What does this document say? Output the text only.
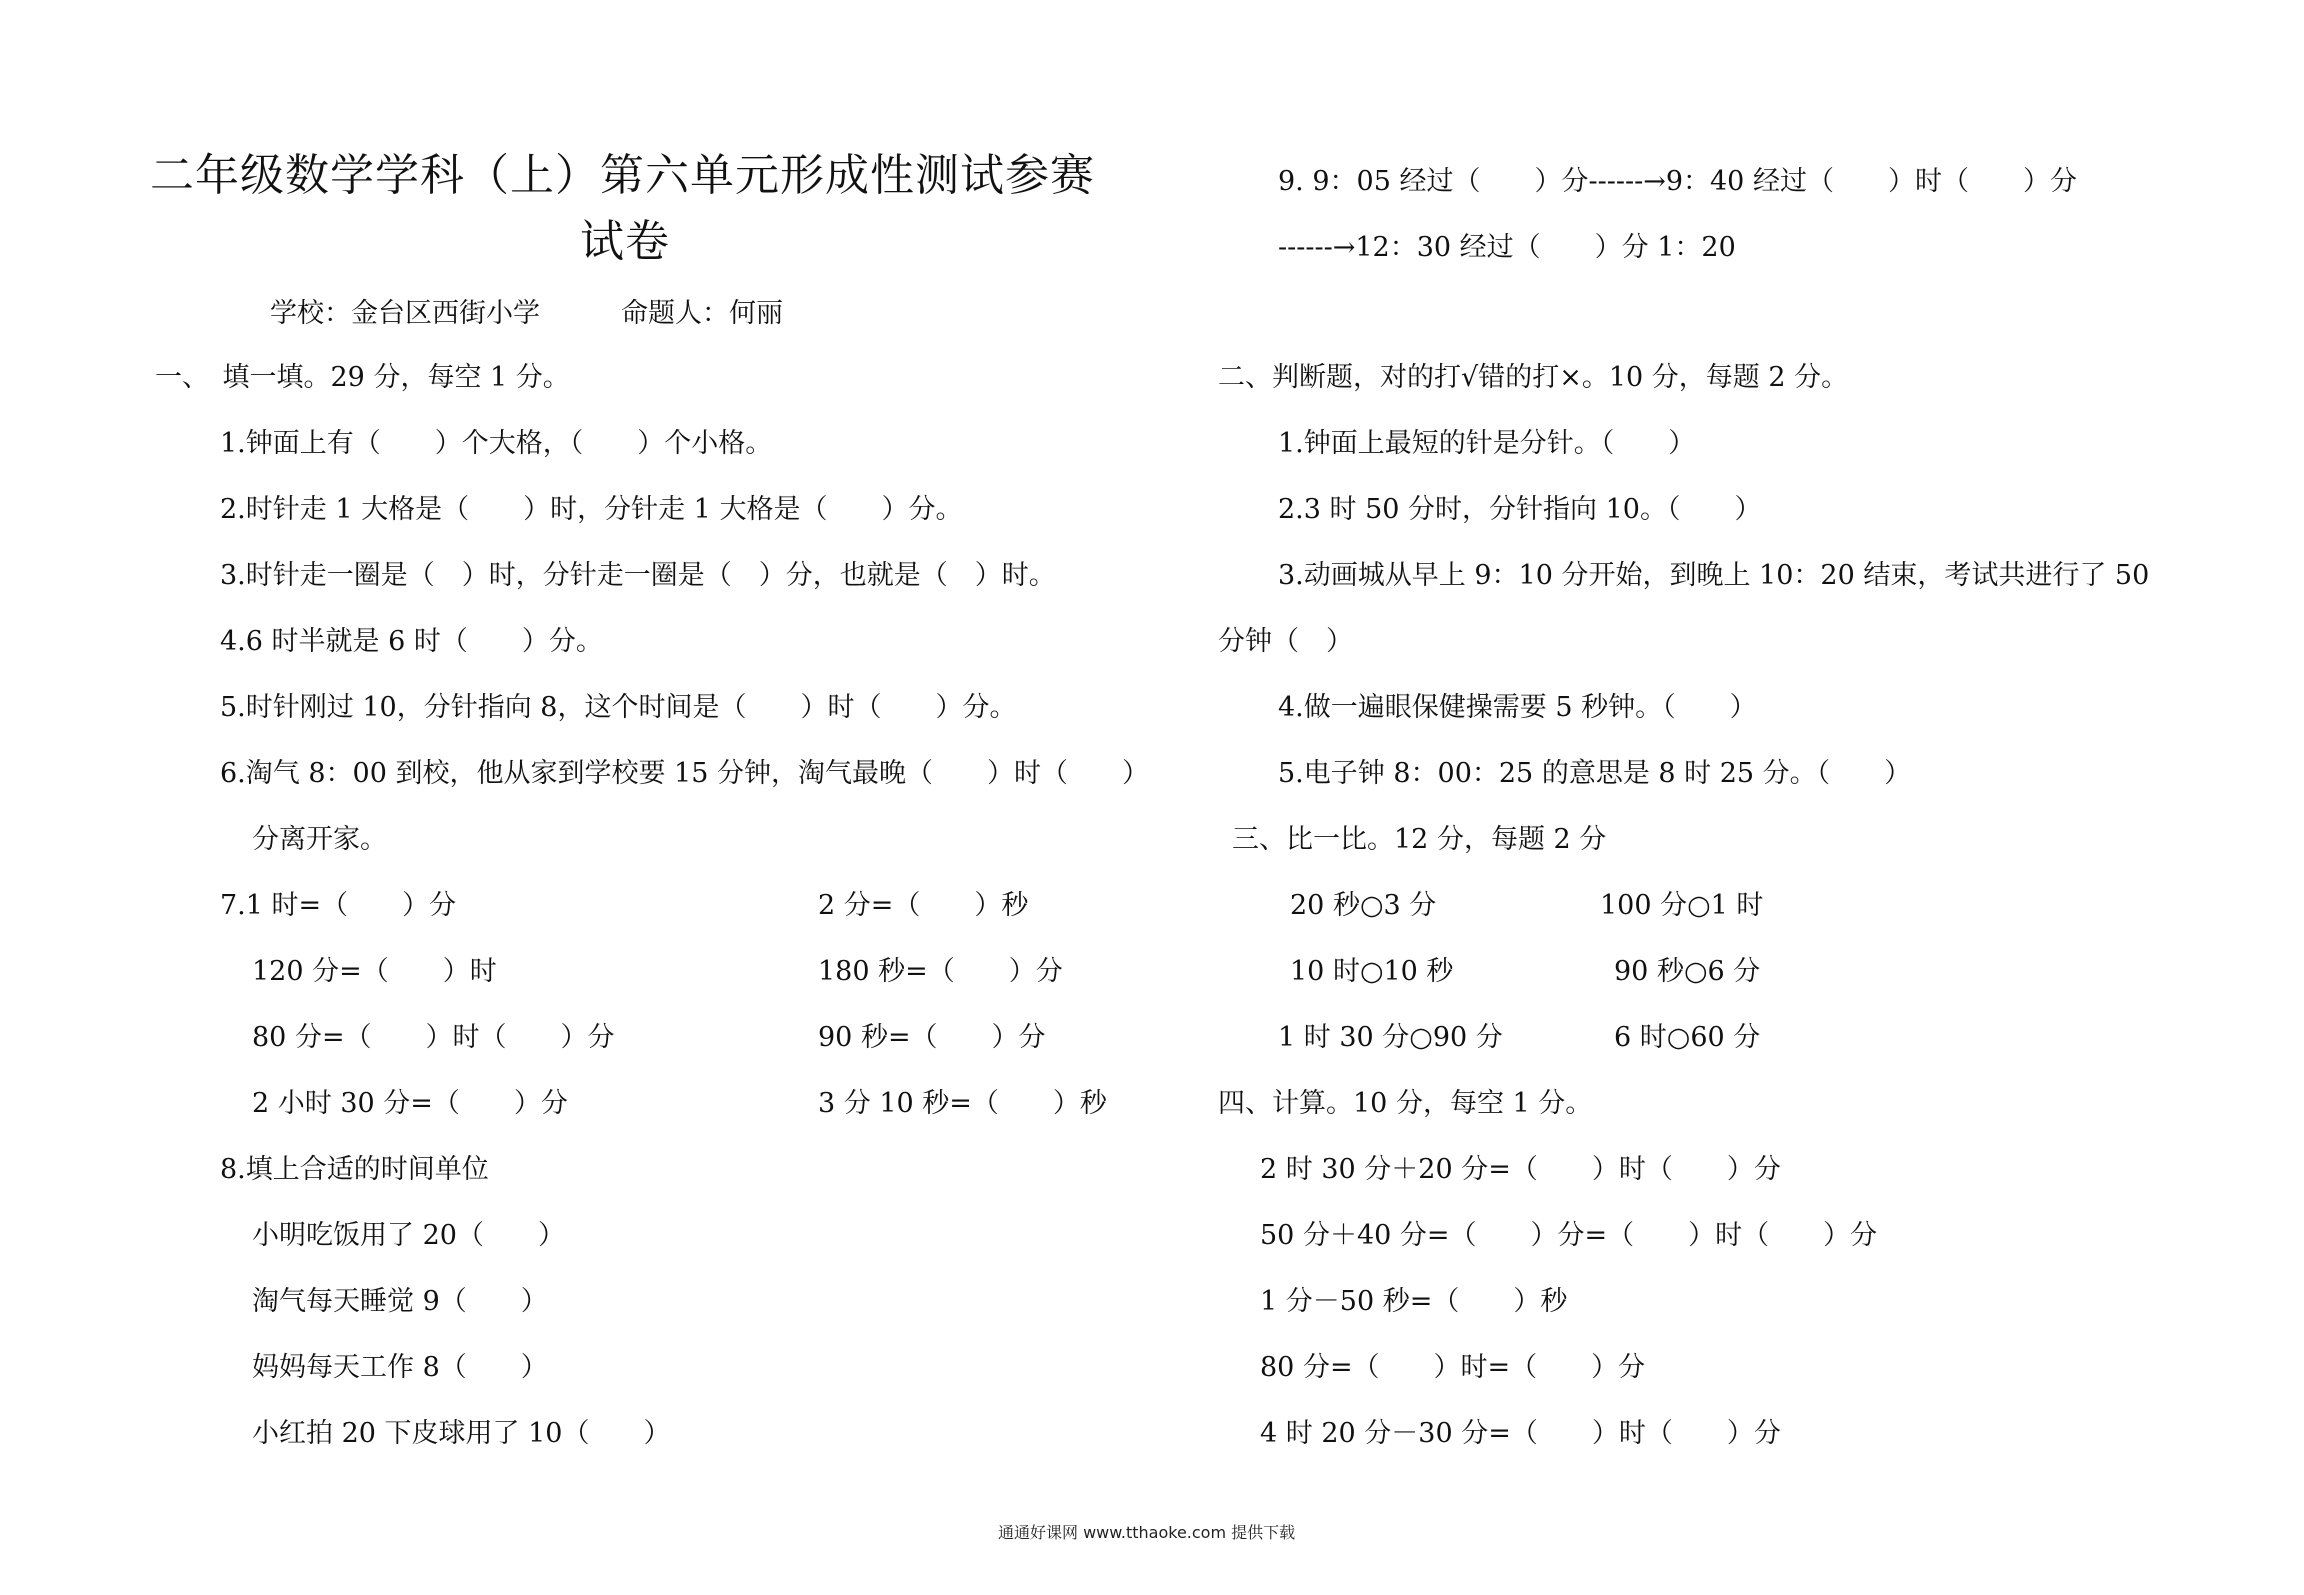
二年级数学学科（上）第六单元形成性测试参赛
试卷
学校：金台区西街小学　　　命题人：何丽
一、　填一填。29 分，每空 1 分。
1.钟面上有（　　）个大格，（　　）个小格。
2.时针走 1 大格是（　　）时，分针走 1 大格是（　　）分。
3.时针走一圈是（　）时，分针走一圈是（　）分，也就是（　）时。
4.6 时半就是 6 时（　　）分。
5.时针刚过 10，分针指向 8，这个时间是（　　）时（　　）分。
6.淘气 8：00 到校，他从家到学校要 15 分钟，淘气最晚（　　）时（　　）
分离开家。
7.1 时=（　　）分	2 分=（　　）秒
120 分=（　　）时	180 秒=（　　）分
80 分=（　　）时（　　）分	90 秒=（　　）分
2 小时 30 分=（　　）分	3 分 10 秒=（　　）秒
8.填上合适的时间单位
小明吃饭用了 20（　　）
淘气每天睡觉 9（　　）
妈妈每天工作 8（　　）
小红拍 20 下皮球用了 10（　　）
9. 9：05 经过（　　）分------→9：40 经过（　　）时（　　）分
------→12：30 经过（　　）分 1：20
二、判断题，对的打√错的打×。10 分，每题 2 分。
1.钟面上最短的针是分针。（　　）
2.3 时 50 分时，分针指向 10。（　　）
3.动画城从早上 9：10 分开始，到晚上 10：20 结束，考试共进行了 50
分钟（　）
4.做一遍眼保健操需要 5 秒钟。（　　）
5.电子钟 8：00：25 的意思是 8 时 25 分。（　　）
三、比一比。12 分，每题 2 分
20 秒○3 分	100 分○1 时
10 时○10 秒	90 秒○6 分
1 时 30 分○90 分	6 时○60 分
四、计算。10 分，每空 1 分。
2 时 30 分＋20 分=（　　）时（　　）分
50 分＋40 分=（　　）分=（　　）时（　　）分
1 分－50 秒=（　　）秒
80 分=（　　）时=（　　）分
4 时 20 分－30 分=（　　）时（　　）分
通通好课网 www.tthaoke.com 提供下载
